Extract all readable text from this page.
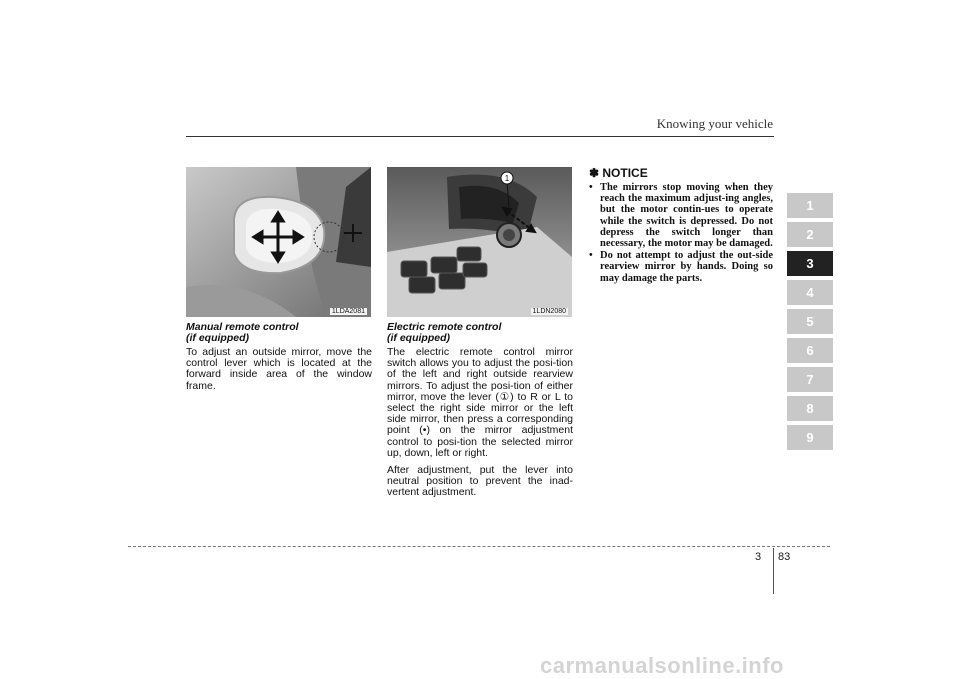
Knowing your vehicle
1LDA2081
1
1LDN2080
Manual remote control
(if equipped)

To adjust an outside mirror, move the control lever which is located at the forward inside area of the window frame.

Electric remote control
(if equipped)

The electric remote control mirror switch allows you to adjust the posi-tion of the left and right outside rearview mirrors. To adjust the posi-tion of either mirror, move the lever (①) to R or L to select the right side mirror or the left side mirror, then press a corresponding point (•) on the mirror adjustment control to posi-tion the selected mirror up, down, left or right.

After adjustment, put the lever into neutral position to prevent the inad-vertent adjustment.

✽ NOTICE
• The mirrors stop moving when they reach the maximum adjust-ing angles, but the motor contin-ues to operate while the switch is depressed. Do not depress the switch longer than necessary, the motor may be damaged.
• Do not attempt to adjust the out-side rearview mirror by hands. Doing so may damage the parts.
1
2
3
4
5
6
7
8
9
3 83
carmanualsonline.info
